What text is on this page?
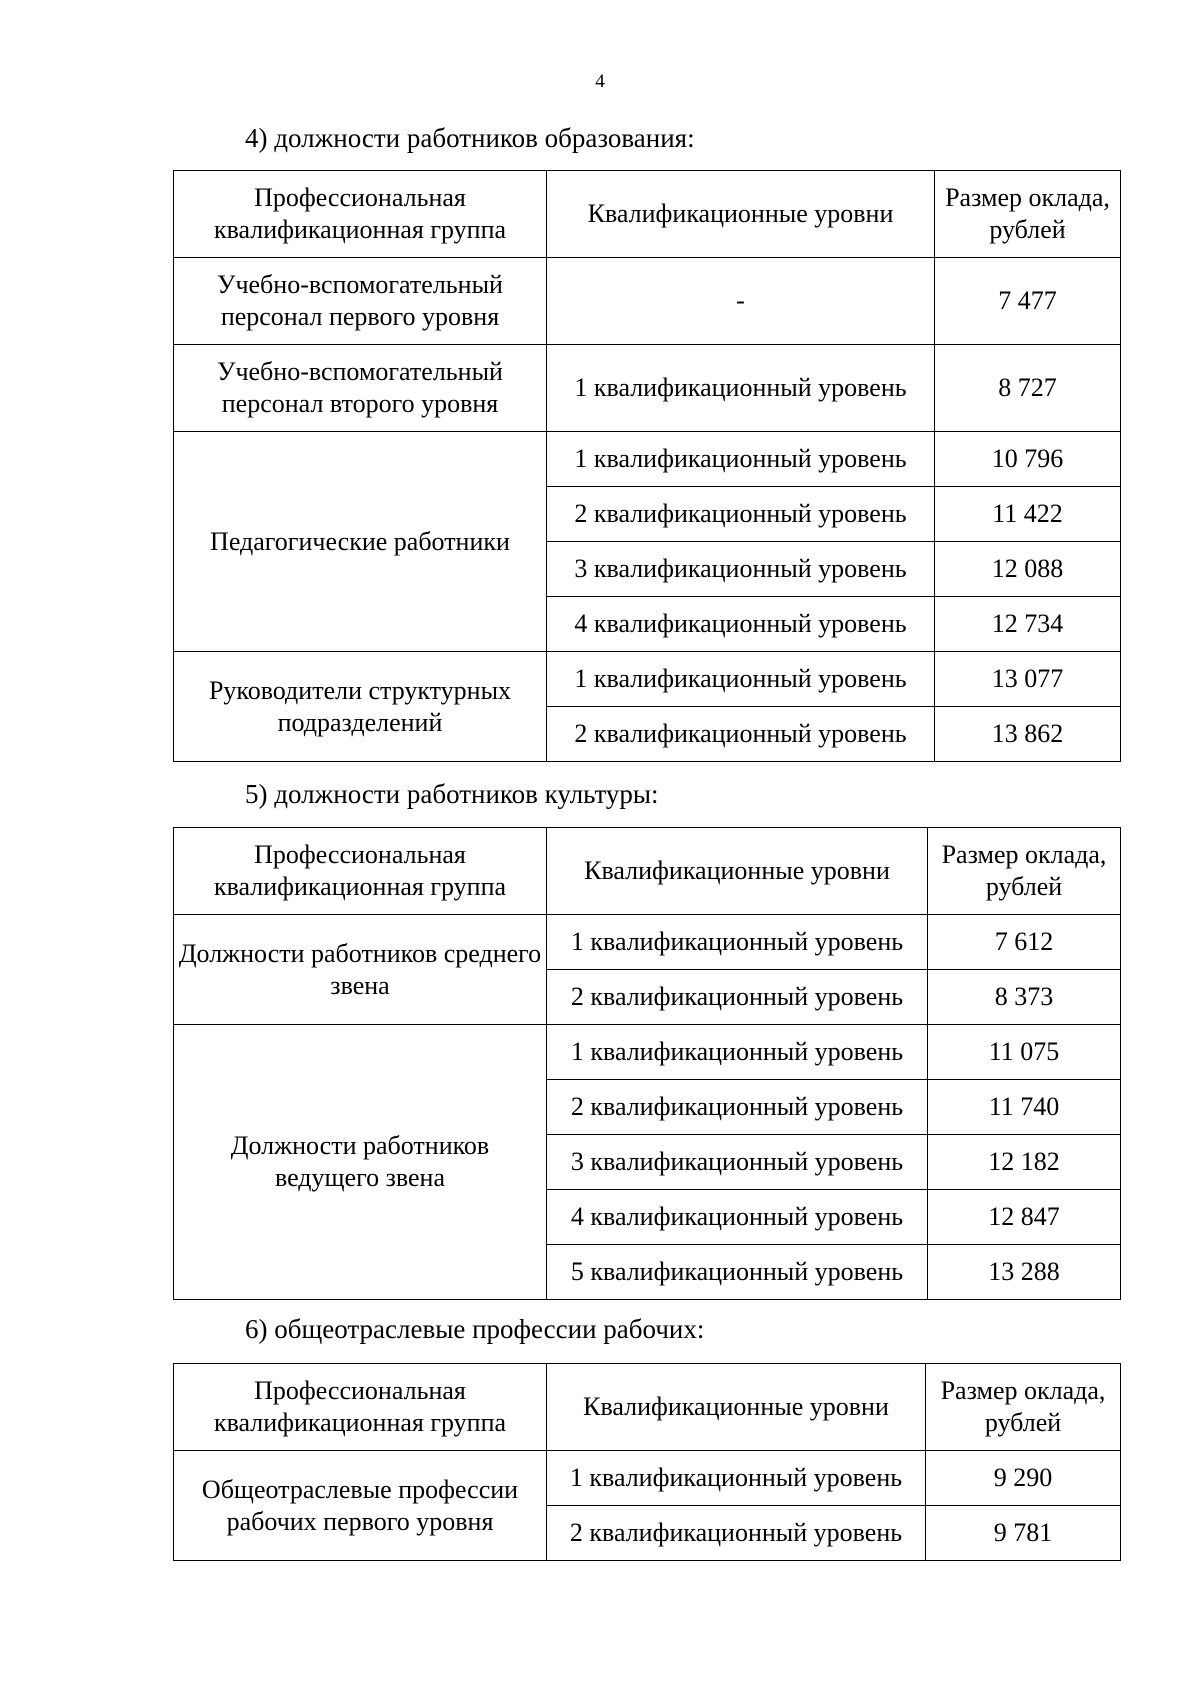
4
4) должности работников образования:
Профессиональная квалификационная группа	Квалификационные уровни	Размер оклада, рублей
Учебно-вспомогательный персонал первого уровня	-	7 477
Учебно-вспомогательный персонал второго уровня	1 квалификационный уровень	8 727
Педагогические работники	1 квалификационный уровень	10 796
	2 квалификационный уровень	11 422
	3 квалификационный уровень	12 088
	4 квалификационный уровень	12 734
Руководители структурных подразделений	1 квалификационный уровень	13 077
	2 квалификационный уровень	13 862
5) должности работников культуры:
Профессиональная квалификационная группа	Квалификационные уровни	Размер оклада, рублей
Должности работников среднего звена	1 квалификационный уровень	7 612
	2 квалификационный уровень	8 373
Должности работников ведущего звена	1 квалификационный уровень	11 075
	2 квалификационный уровень	11 740
	3 квалификационный уровень	12 182
	4 квалификационный уровень	12 847
	5 квалификационный уровень	13 288
6) общеотраслевые профессии рабочих:
Профессиональная квалификационная группа	Квалификационные уровни	Размер оклада, рублей
Общеотраслевые профессии рабочих первого уровня	1 квалификационный уровень	9 290
	2 квалификационный уровень	9 781
